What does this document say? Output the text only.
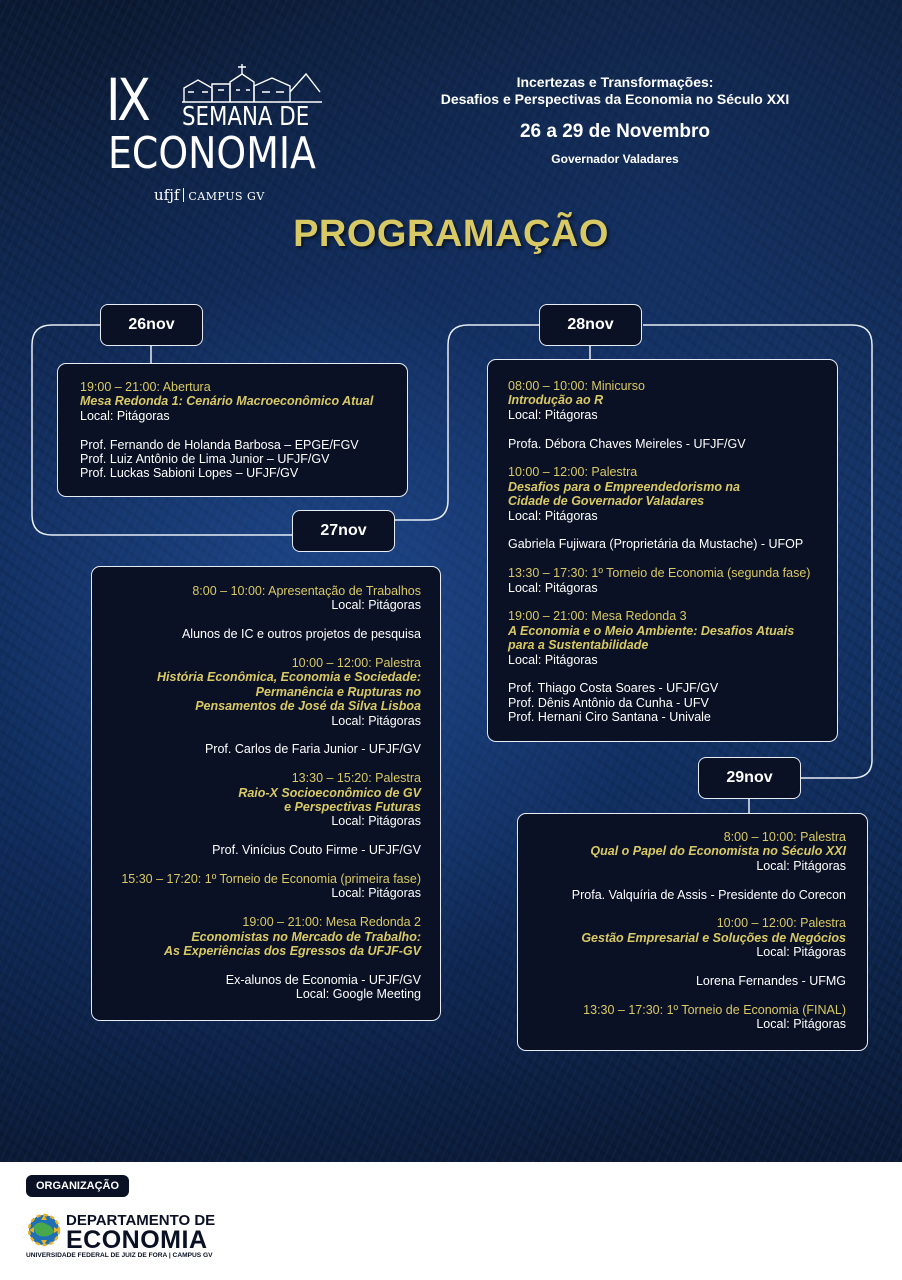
IX SEMANA DE
ECONOMIA
ufjf CAMPUS GV
Incertezas e Transformações:
Desafios e Perspectivas da Economia no Século XXI
26 a 29 de Novembro
Governador Valadares
PROGRAMAÇÃO
26nov
27nov
28nov
29nov
19:00 – 21:00: Abertura
Mesa Redonda 1: Cenário Macroeconômico Atual
Local: Pitágoras
Prof. Fernando de Holanda Barbosa – EPGE/FGV
Prof. Luiz Antônio de Lima Junior – UFJF/GV
Prof. Luckas Sabioni Lopes – UFJF/GV
8:00 – 10:00: Apresentação de Trabalhos
Local: Pitágoras
Alunos de IC e outros projetos de pesquisa
10:00 – 12:00: Palestra
História Econômica, Economia e Sociedade:
Permanência e Rupturas no
Pensamentos de José da Silva Lisboa
Local: Pitágoras
Prof. Carlos de Faria Junior - UFJF/GV
13:30 – 15:20: Palestra
Raio-X Socioeconômico de GV
e Perspectivas Futuras
Local: Pitágoras
Prof. Vinícius Couto Firme - UFJF/GV
15:30 – 17:20: 1º Torneio de Economia (primeira fase)
Local: Pitágoras
19:00 – 21:00: Mesa Redonda 2
Economistas no Mercado de Trabalho:
As Experiências dos Egressos da UFJF-GV
Ex-alunos de Economia - UFJF/GV
Local: Google Meeting
08:00 – 10:00: Minicurso
Introdução ao R
Local: Pitágoras
Profa. Débora Chaves Meireles - UFJF/GV
10:00 – 12:00: Palestra
Desafios para o Empreendedorismo na
Cidade de Governador Valadares
Local: Pitágoras
Gabriela Fujiwara (Proprietária da Mustache) - UFOP
13:30 – 17:30: 1º Torneio de Economia (segunda fase)
Local: Pitágoras
19:00 – 21:00: Mesa Redonda 3
A Economia e o Meio Ambiente: Desafios Atuais
para a Sustentabilidade
Local: Pitágoras
Prof. Thiago Costa Soares - UFJF/GV
Prof. Dênis Antônio da Cunha - UFV
Prof. Hernani Ciro Santana - Univale
8:00 – 10:00: Palestra
Qual o Papel do Economista no Século XXI
Local: Pitágoras
Profa. Valquíria de Assis - Presidente do Corecon
10:00 – 12:00: Palestra
Gestão Empresarial e Soluções de Negócios
Local: Pitágoras
Lorena Fernandes - UFMG
13:30 – 17:30: 1º Torneio de Economia (FINAL)
Local: Pitágoras
ORGANIZAÇÃO
DEPARTAMENTO DE
ECONOMIA
UNIVERSIDADE FEDERAL DE JUIZ DE FORA | CAMPUS GV
